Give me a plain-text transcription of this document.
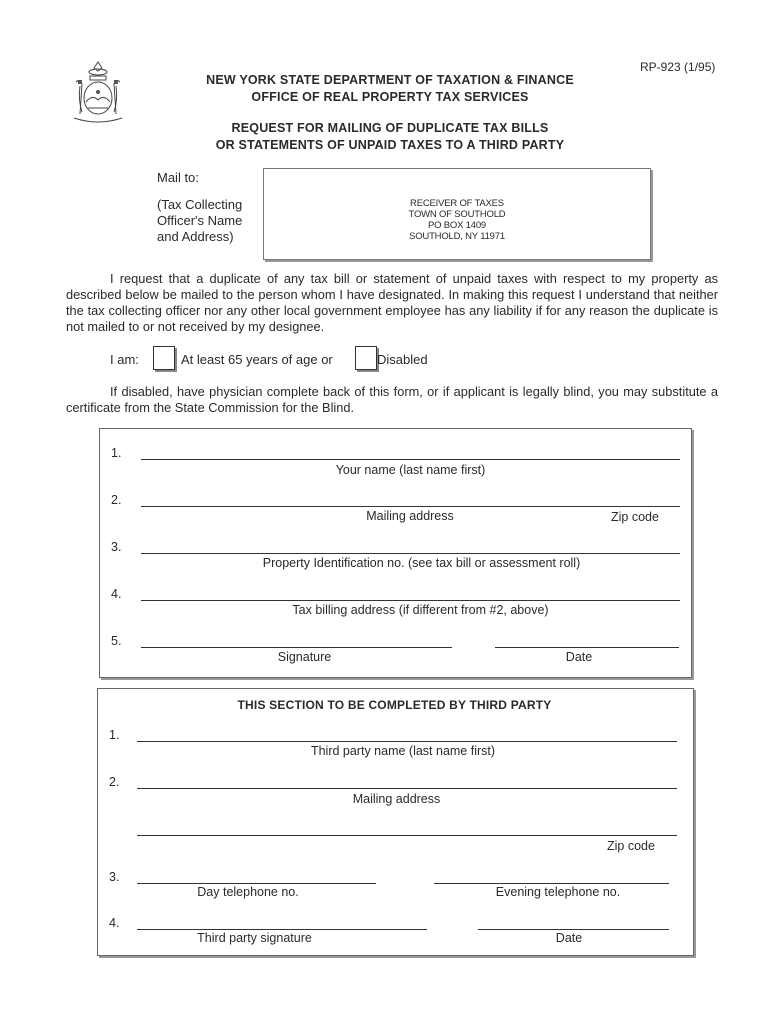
RP-923 (1/95)
NEW YORK STATE DEPARTMENT OF TAXATION & FINANCE
OFFICE OF REAL PROPERTY TAX SERVICES
REQUEST FOR MAILING OF DUPLICATE TAX BILLS
OR STATEMENTS OF UNPAID TAXES TO A THIRD PARTY
Mail to:
(Tax Collecting
Officer's Name
and Address)
RECEIVER OF TAXES
TOWN OF SOUTHOLD
PO BOX 1409
SOUTHOLD, NY 11971
I request that a duplicate of any tax bill or statement of unpaid taxes with respect to my property as described below be mailed to the person whom I have designated. In making this request I understand that neither the tax collecting officer nor any other local government employee has any liability if for any reason the duplicate is not mailed to or not received by my designee.
I am:	At least 65 years of age or	Disabled
If disabled, have physician complete back of this form, or if applicant is legally blind, you may substitute a certificate from the State Commission for the Blind.
1.
Your name (last name first)
2.
Mailing address	Zip code
3.
Property Identification no. (see tax bill or assessment roll)
4.
Tax billing address (if different from #2, above)
5.
Signature	Date
THIS SECTION TO BE COMPLETED BY THIRD PARTY
1.
Third party name (last name first)
2.
Mailing address
Zip code
3.
Day telephone no.	Evening telephone no.
4.
Third party signature	Date
